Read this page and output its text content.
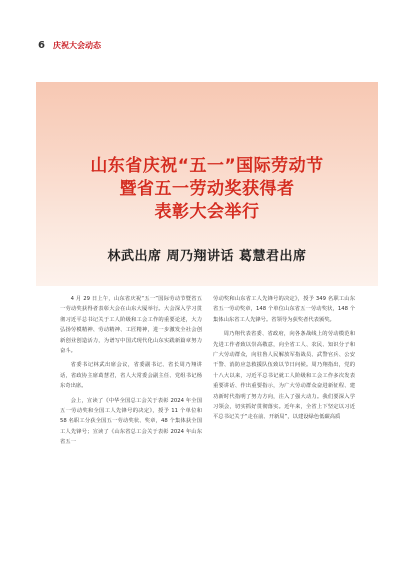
6 庆祝大会动态
山东省庆祝“五一”国际劳动节
暨省五一劳动奖获得者
表彰大会举行
林武出席 周乃翔讲话 葛慧君出席

4 月 29 日上午，山东省庆祝“五一”国际劳动节暨省五一劳动奖获得者表彰大会在山东大厦举行。大会深入学习贯彻习近平总书记关于工人阶级和工会工作的重要论述，大力弘扬劳模精神、劳动精神、工匠精神，进一步激发全社会创新创业创造活力，为谱写中国式现代化山东实践新篇章努力奋斗。

省委书记林武出席会议，省委副书记、省长周乃翔讲话，省政协主席葛慧君，省人大常委会副主任、党组书记杨东奇出席。

会上，宣读了《中华全国总工会关于表彰 2024 年全国五一劳动奖和全国工人先锋号的决定》，授予 11 个单位和 58 名职工分获全国五一劳动奖状、奖章，48 个集体获全国工人先锋号；宣读了《山东省总工会关于表彰 2024 年山东省五一

劳动奖和山东省工人先锋号的决定》，授予 349 名职工山东省五一劳动奖章，148 个单位山东省五一劳动奖状，148 个集体山东省工人先锋号。省领导为获奖者代表颁奖。

周乃翔代表省委、省政府，向各条战线上的劳动模范和先进工作者致以崇高敬意，向全省工人、农民、知识分子和广大劳动群众，向驻鲁人民解放军指战员、武警官兵、公安干警、消防应急救援队伍致以节日问候。周乃翔指出，党的十八大以来，习近平总书记就工人阶级和工会工作多次发表重要讲话、作出重要指示，为广大劳动群众奋进新征程、建功新时代指明了努力方向，注入了强大动力。我们要深入学习领会，切实抓好贯彻落实。近年来，全省上下坚定以习近平总书记关于“走在前、开新局”，以建设绿色低碳高质
